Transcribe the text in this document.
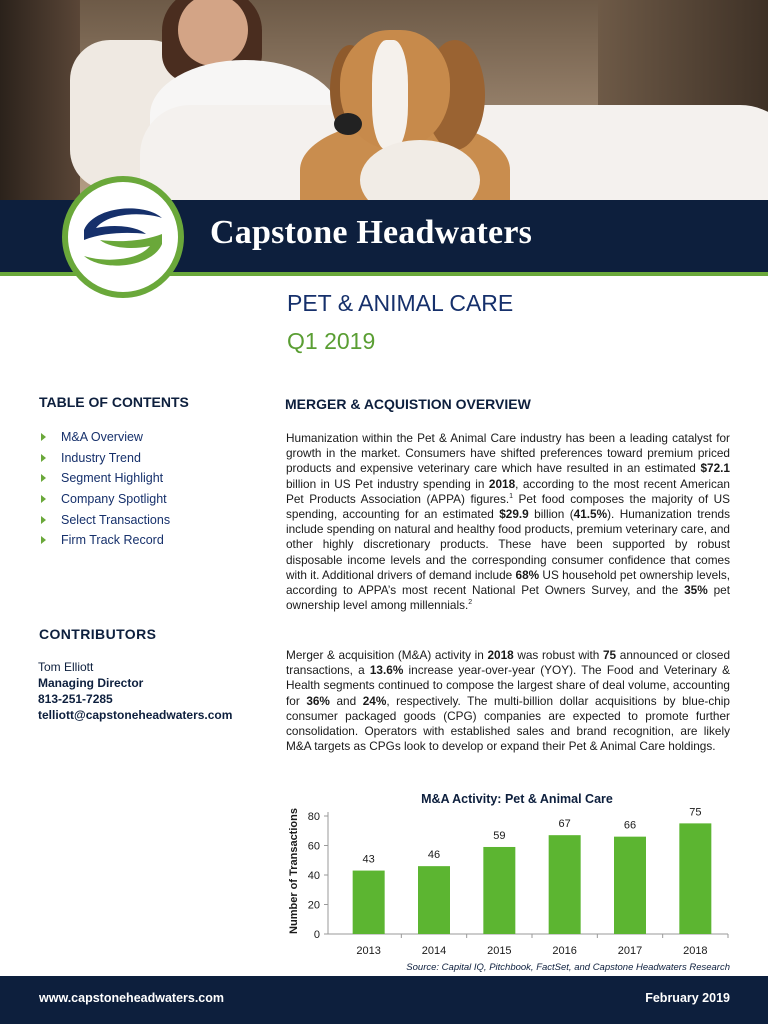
Capstone Headwaters
PET & ANIMAL CARE
Q1 2019
TABLE OF CONTENTS
M&A Overview
Industry Trend
Segment Highlight
Company Spotlight
Select Transactions
Firm Track Record
CONTRIBUTORS
Tom Elliott
Managing Director
813-251-7285
telliott@capstoneheadwaters.com
MERGER & ACQUISTION OVERVIEW
Humanization within the Pet & Animal Care industry has been a leading catalyst for growth in the market. Consumers have shifted preferences toward premium priced products and expensive veterinary care which have resulted in an estimated $72.1 billion in US Pet industry spending in 2018, according to the most recent American Pet Products Association (APPA) figures.$^1$ Pet food composes the majority of US spending, accounting for an estimated $29.9 billion (41.5%). Humanization trends include spending on natural and healthy food products, premium veterinary care, and other highly discretionary products. These have been supported by robust disposable income levels and the corresponding consumer confidence that comes with it. Additional drivers of demand include 68% US household pet ownership levels, according to APPA’s most recent National Pet Owners Survey, and the 35% pet ownership level among millennials.$^2$
Merger & acquisition (M&A) activity in 2018 was robust with 75 announced or closed transactions, a 13.6% increase year-over-year (YOY). The Food and Veterinary & Health segments continued to compose the largest share of deal volume, accounting for 36% and 24%, respectively. The multi-billion dollar acquisitions by blue-chip consumer packaged goods (CPG) companies are expected to promote further consolidation. Operators with established sales and brand recognition, are likely M&A targets as CPGs look to develop or expand their Pet & Animal Care holdings.
M&A Activity: Pet & Animal Care
0
20
40
60
80
Number of Transactions	43
2013
46
2014
59
2015
67
2016
66
2017
75
2018
Source: Capital IQ, Pitchbook, FactSet, and Capstone Headwaters Research
www.capstoneheadwaters.com	February 2019
